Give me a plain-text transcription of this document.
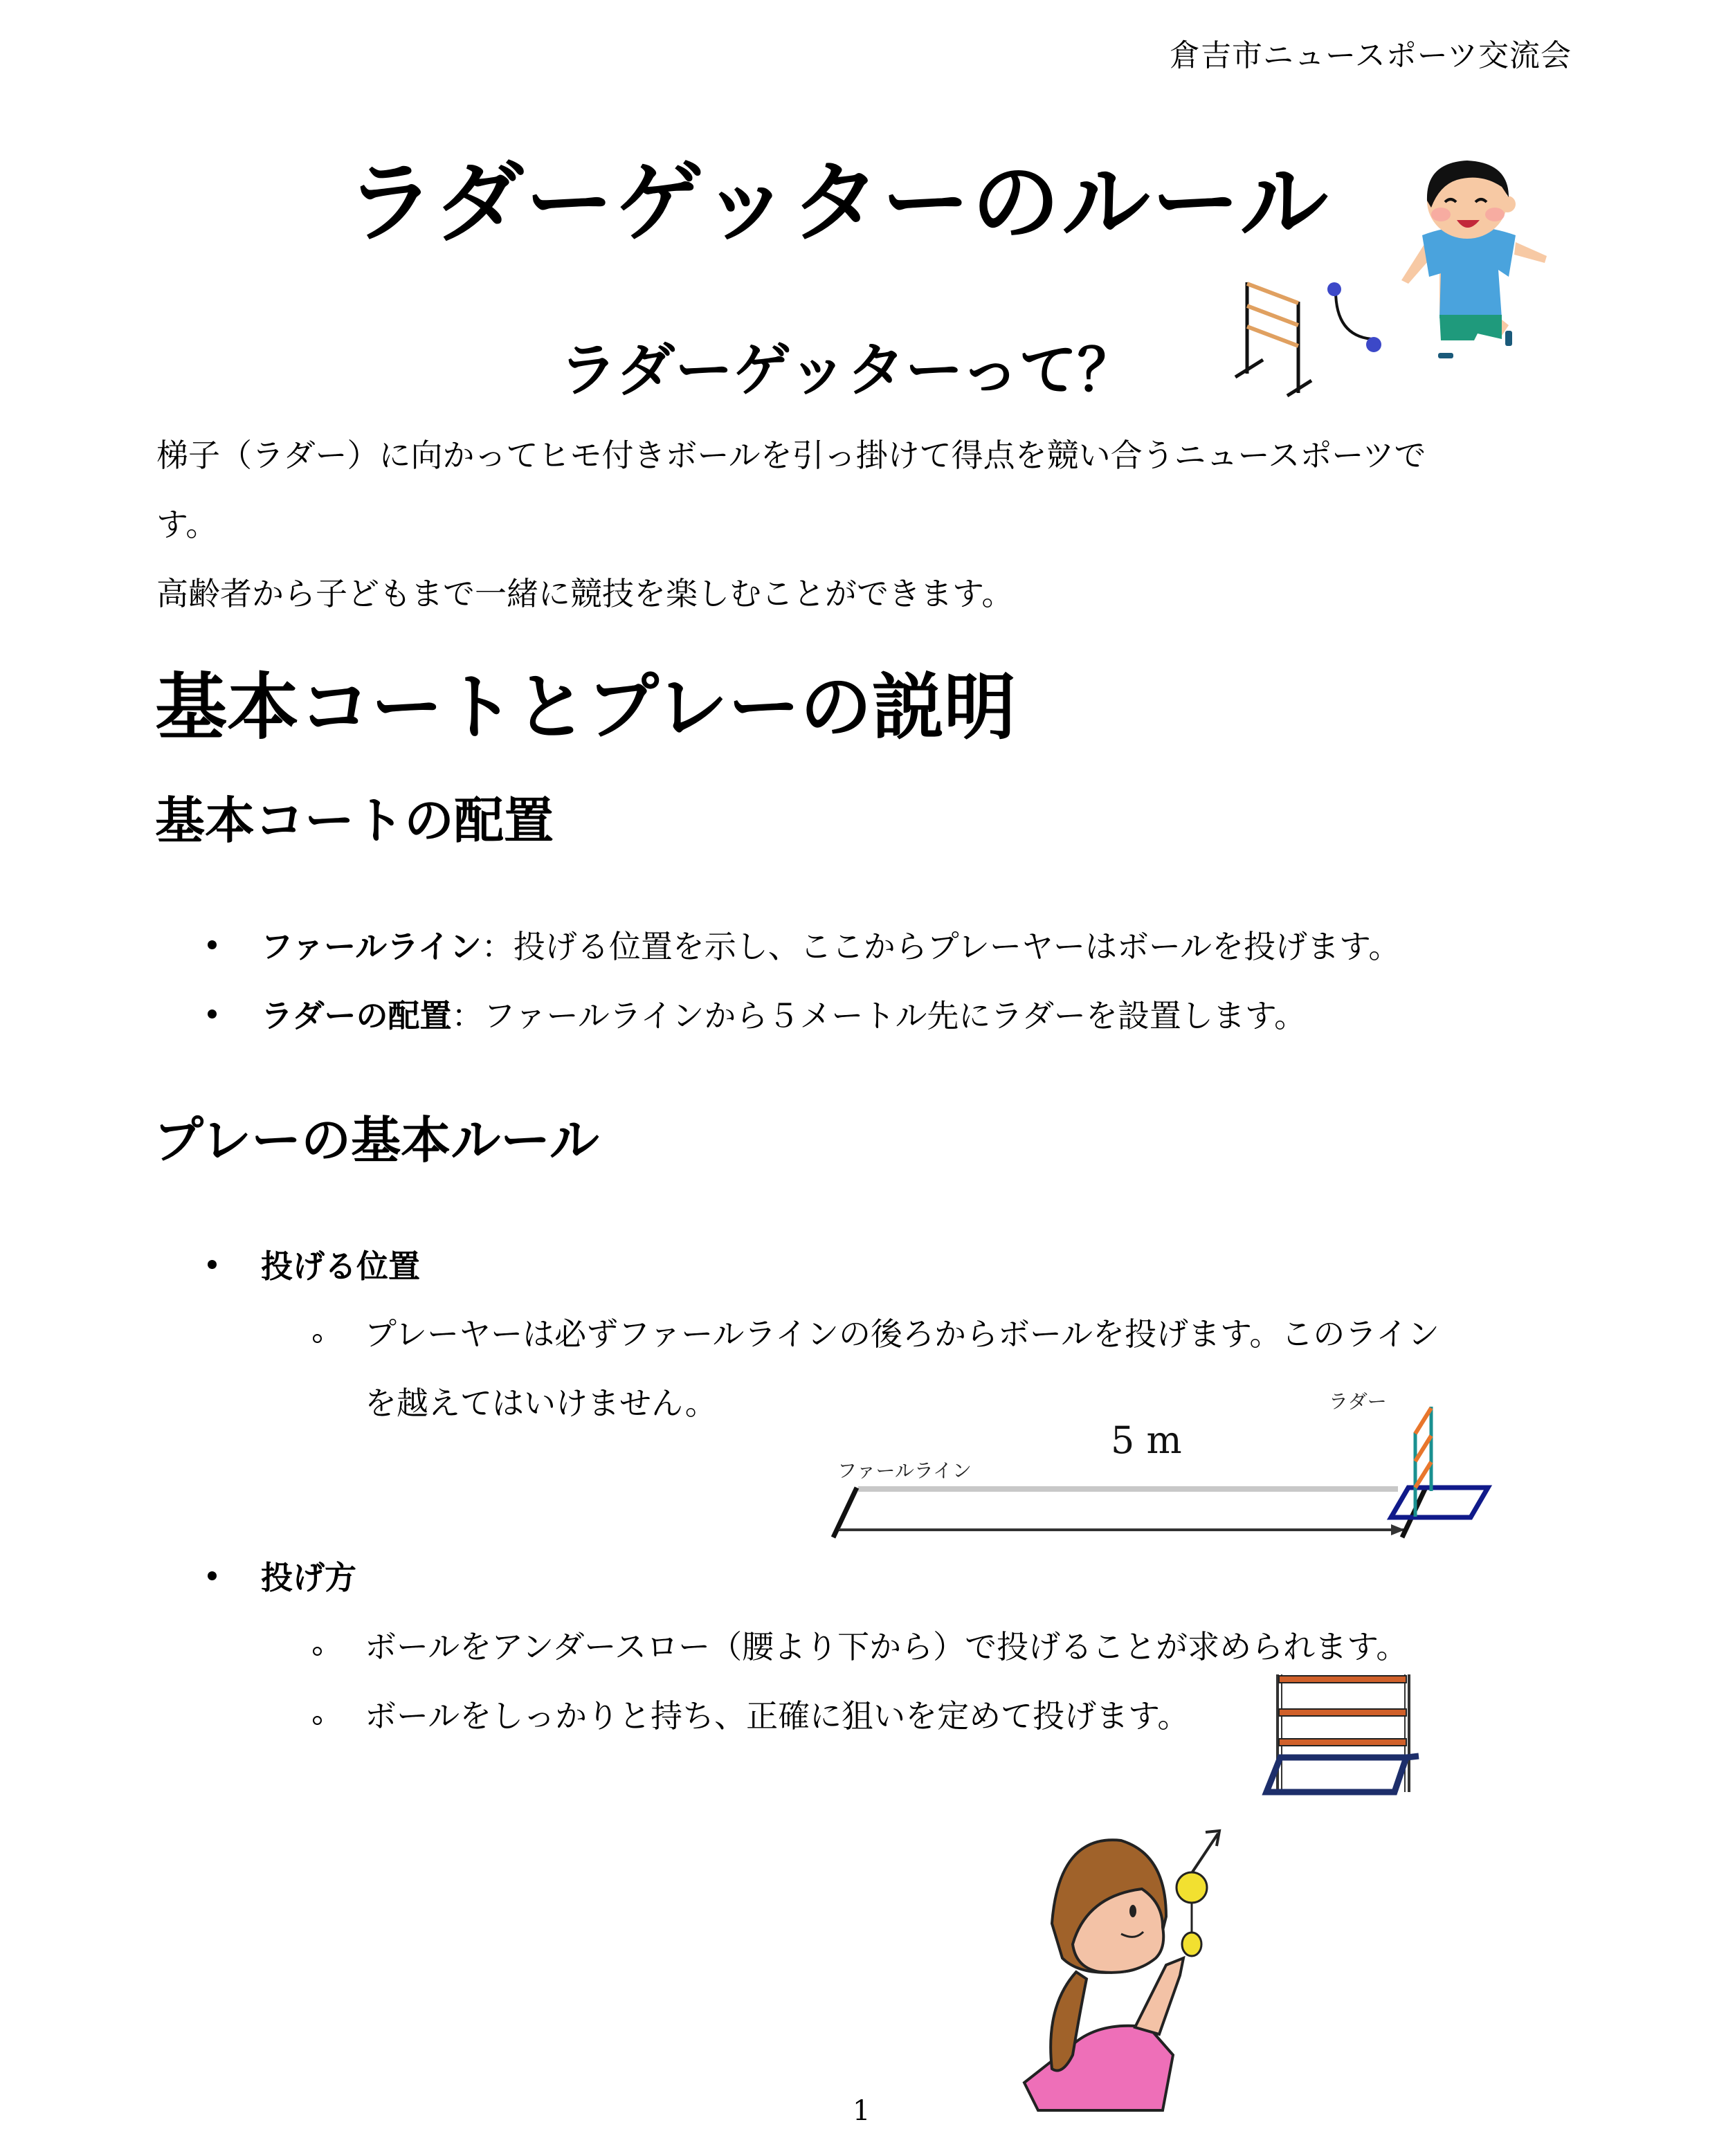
倉吉市ニュースポーツ交流会
ラダーゲッターのルール
ラダーゲッターって？
梯子（ラダー）に向かってヒモ付きボールを引っ掛けて得点を競い合うニュースポーツで
す。
高齢者から子どもまで一緒に競技を楽しむことができます。
基本コートとプレーの説明
基本コートの配置
ファールライン ： 投げる位置を示し、ここからプレーヤーはボールを投げます。
ラダーの配置 ： ファールラインから５メートル先にラダーを設置します。
プレーの基本ルール
投げる位置
プレーヤーは必ずファールラインの後ろからボールを投げます。このライン
を越えてはいけません。
ファールライン
5 m
ラダー
投げ方
ボールをアンダースロー（腰より下から）で投げることが求められます。
ボールをしっかりと持ち、正確に狙いを定めて投げます。
1
